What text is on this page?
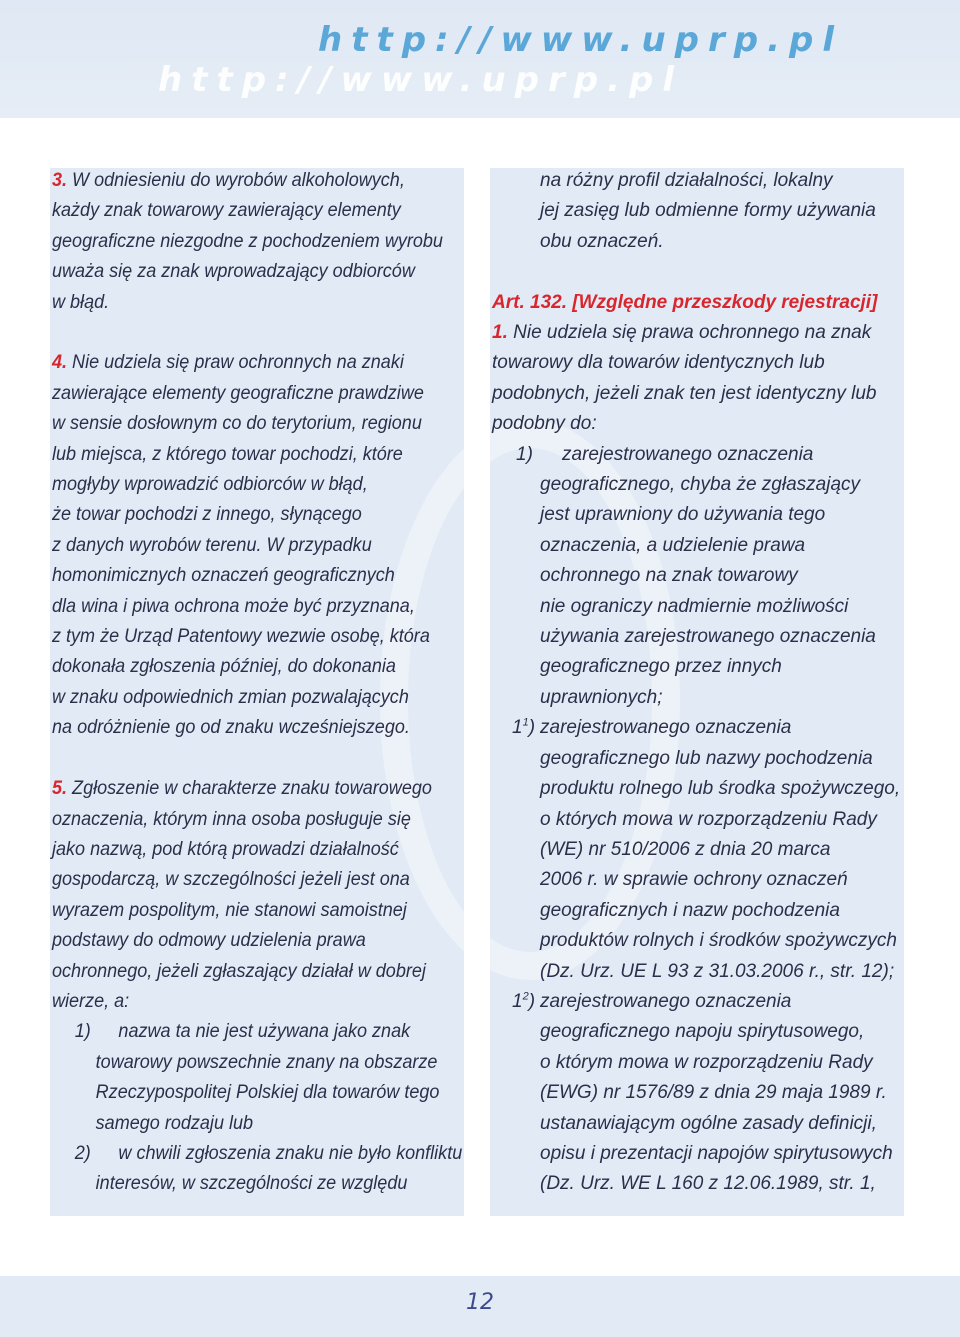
http://www.uprp.pl
http://www.uprp.pl

3. W odniesieniu do wyrobów alkoholowych,

każdy znak towarowy zawierający elementy

geograficzne niezgodne z pochodzeniem wyrobu

uważa się za znak wprowadzający odbiorców

w błąd.

4. Nie udziela się praw ochronnych na znaki

zawierające elementy geograficzne prawdziwe

w sensie dosłownym co do terytorium, regionu

lub miejsca, z którego towar pochodzi, które

mogłyby wprowadzić odbiorców w błąd,

że towar pochodzi z innego, słynącego

z danych wyrobów terenu. W przypadku

homonimicznych oznaczeń geograficznych

dla wina i piwa ochrona może być przyznana,

z tym że Urząd Patentowy wezwie osobę, która

dokonała zgłoszenia później, do dokonania

w znaku odpowiednich zmian pozwalających

na odróżnienie go od znaku wcześniejszego.

5. Zgłoszenie w charakterze znaku towarowego

oznaczenia, którym inna osoba posługuje się

jako nazwą, pod którą prowadzi działalność

gospodarczą, w szczególności jeżeli jest ona

wyrazem pospolitym, nie stanowi samoistnej

podstawy do odmowy udzielenia prawa

ochronnego, jeżeli zgłaszający działał w dobrej

wierze, a:

1) nazwa ta nie jest używana jako znak

towarowy powszechnie znany na obszarze

Rzeczypospolitej Polskiej dla towarów tego

samego rodzaju lub

2) w chwili zgłoszenia znaku nie było konfliktu

interesów, w szczególności ze względu

na różny profil działalności, lokalny

jej zasięg lub odmienne formy używania

obu oznaczeń.

Art. 132. [Względne przeszkody rejestracji]

1. Nie udziela się prawa ochronnego na znak

towarowy dla towarów identycznych lub

podobnych, jeżeli znak ten jest identyczny lub

podobny do:

1) zarejestrowanego oznaczenia

geograficznego, chyba że zgłaszający

jest uprawniony do używania tego

oznaczenia, a udzielenie prawa

ochronnego na znak towarowy

nie ograniczy nadmiernie możliwości

używania zarejestrowanego oznaczenia

geograficznego przez innych

uprawnionych;

$1^1$) zarejestrowanego oznaczenia

geograficznego lub nazwy pochodzenia

produktu rolnego lub środka spożywczego,

o których mowa w rozporządzeniu Rady

(WE) nr 510/2006 z dnia 20 marca

2006 r. w sprawie ochrony oznaczeń

geograficznych i nazw pochodzenia

produktów rolnych i środków spożywczych

(Dz. Urz. UE L 93 z 31.03.2006 r., str. 12);

$1^2$) zarejestrowanego oznaczenia

geograficznego napoju spirytusowego,

o którym mowa w rozporządzeniu Rady

(EWG) nr 1576/89 z dnia 29 maja 1989 r.

ustanawiającym ogólne zasady definicji,

opisu i prezentacji napojów spirytusowych

(Dz. Urz. WE L 160 z 12.06.1989, str. 1,

12
